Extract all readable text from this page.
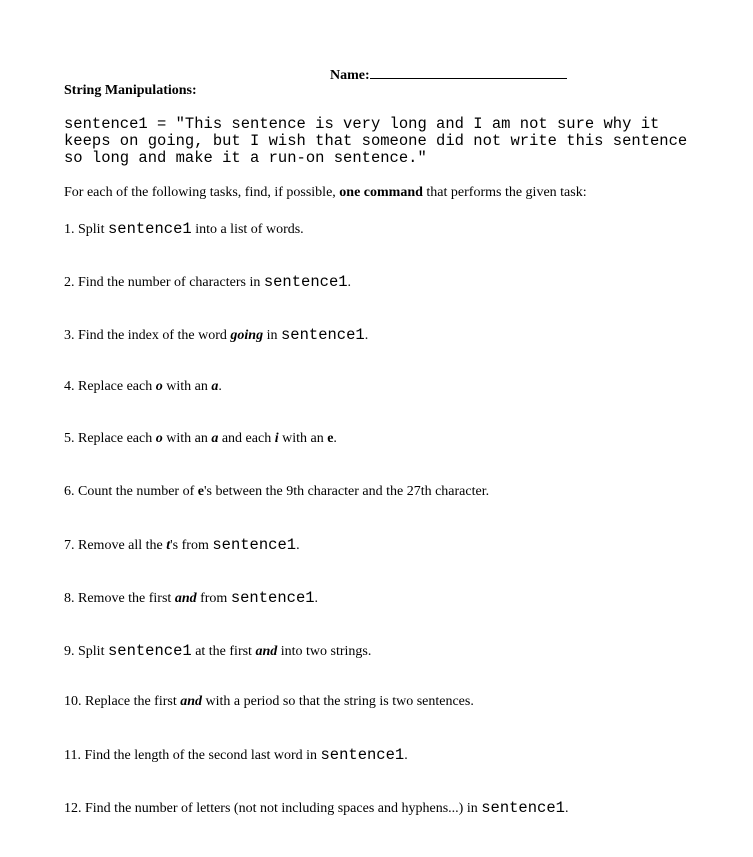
Name:
String Manipulations:
sentence1 = "This sentence is very long and I am not sure why it
keeps on going, but I wish that someone did not write this sentence
so long and make it a run-on sentence."
For each of the following tasks, find, if possible, one command that performs the given task:
1. Split sentence1 into a list of words.
2. Find the number of characters in sentence1.
3. Find the index of the word going in sentence1.
4. Replace each o with an a.
5. Replace each o with an a and each i with an e.
6. Count the number of e's between the 9th character and the 27th character.
7. Remove all the t's from sentence1.
8. Remove the first and from sentence1.
9. Split sentence1 at the first and into two strings.
10. Replace the first and with a period so that the string is two sentences.
11. Find the length of the second last word in sentence1.
12. Find the number of letters (not not including spaces and hyphens...) in sentence1.
